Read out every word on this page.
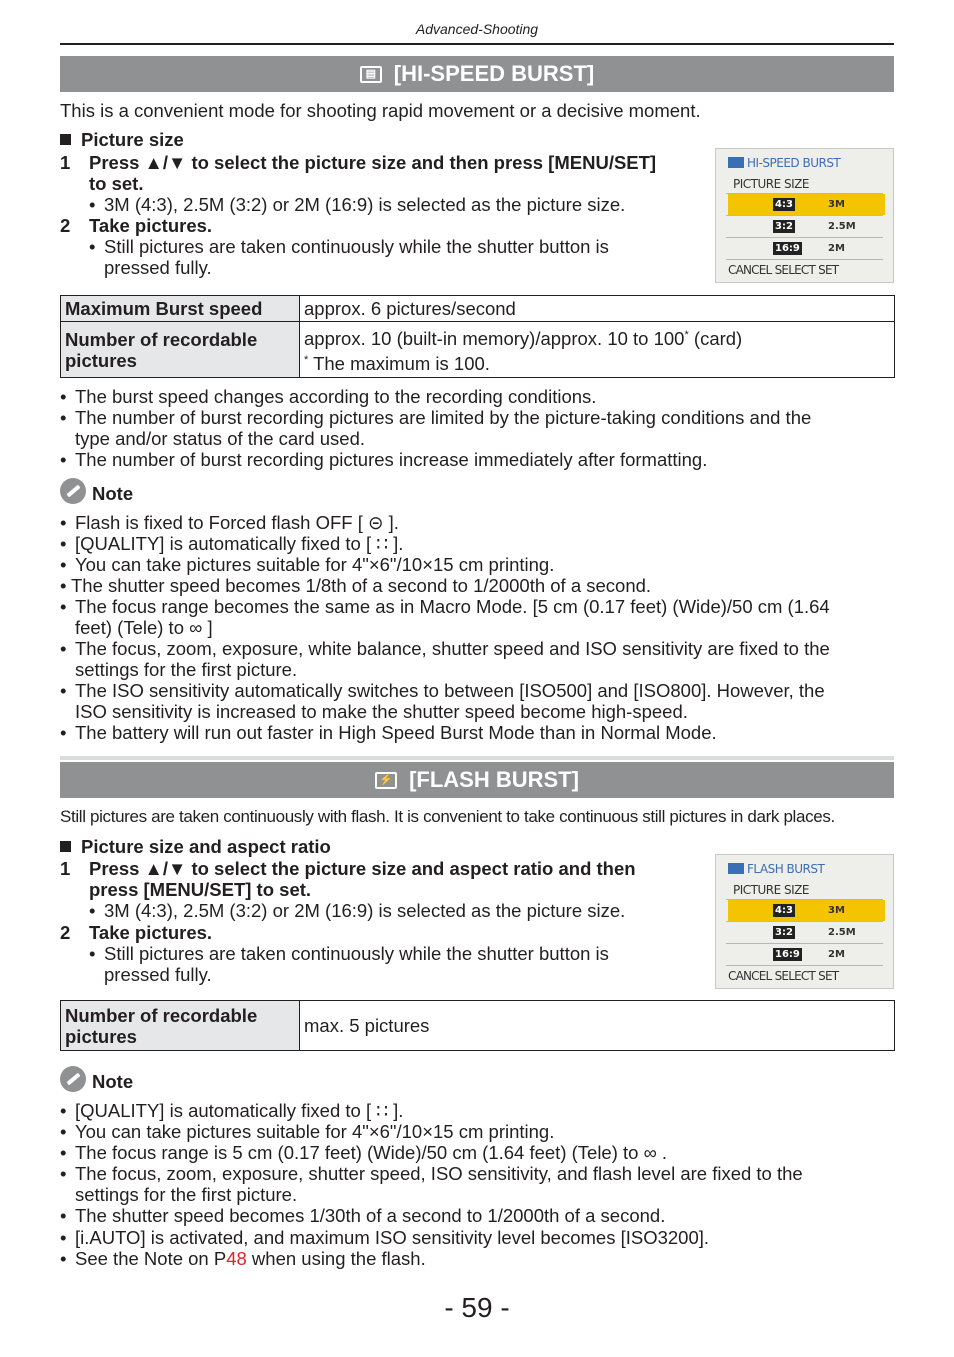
Advanced-Shooting
▤ [HI-SPEED BURST]
This is a convenient mode for shooting rapid movement or a decisive moment.
Picture size
1 Press ▲/▼ to select the picture size and then press [MENU/SET]
to set.
• 3M (4:3), 2.5M (3:2) or 2M (16:9) is selected as the picture size.
2 Take pictures.
• Still pictures are taken continuously while the shutter button is
pressed fully.
HI-SPEED BURST
PICTURE SIZE
4:3	3M
3:2	2.5M
16:9	2M
CANCEL  SELECT  SET
Maximum Burst speed	approx. 6 pictures/second
Number of recordable
pictures	approx. 10 (built-in memory)/approx. 10 to 100* (card)
* The maximum is 100.
• The burst speed changes according to the recording conditions.
• The number of burst recording pictures are limited by the picture-taking conditions and the
type and/or status of the card used.
• The number of burst recording pictures increase immediately after formatting.
Note
• Flash is fixed to Forced flash OFF [ ⊝ ].
• [QUALITY] is automatically fixed to [ ∷ ].
• You can take pictures suitable for 4"×6"/10×15 cm printing.
• The shutter speed becomes 1/8th of a second to 1/2000th of a second.
• The focus range becomes the same as in Macro Mode. [5 cm (0.17 feet) (Wide)/50 cm (1.64
feet) (Tele) to ∞ ]
• The focus, zoom, exposure, white balance, shutter speed and ISO sensitivity are fixed to the
settings for the first picture.
• The ISO sensitivity automatically switches to between [ISO500] and [ISO800]. However, the
ISO sensitivity is increased to make the shutter speed become high-speed.
• The battery will run out faster in High Speed Burst Mode than in Normal Mode.
⚡ [FLASH BURST]
Still pictures are taken continuously with flash. It is convenient to take continuous still pictures in dark places.
Picture size and aspect ratio
1 Press ▲/▼ to select the picture size and aspect ratio and then
press [MENU/SET] to set.
• 3M (4:3), 2.5M (3:2) or 2M (16:9) is selected as the picture size.
2 Take pictures.
• Still pictures are taken continuously while the shutter button is
pressed fully.
FLASH BURST
PICTURE SIZE
4:3	3M
3:2	2.5M
16:9	2M
CANCEL  SELECT  SET
Number of recordable
pictures	max. 5 pictures
Note
• [QUALITY] is automatically fixed to [ ∷ ].
• You can take pictures suitable for 4"×6"/10×15 cm printing.
• The focus range is 5 cm (0.17 feet) (Wide)/50 cm (1.64 feet) (Tele) to ∞ .
• The focus, zoom, exposure, shutter speed, ISO sensitivity, and flash level are fixed to the
settings for the first picture.
• The shutter speed becomes 1/30th of a second to 1/2000th of a second.
• [i.AUTO] is activated, and maximum ISO sensitivity level becomes [ISO3200].
• See the Note on P48 when using the flash.
- 59 -
